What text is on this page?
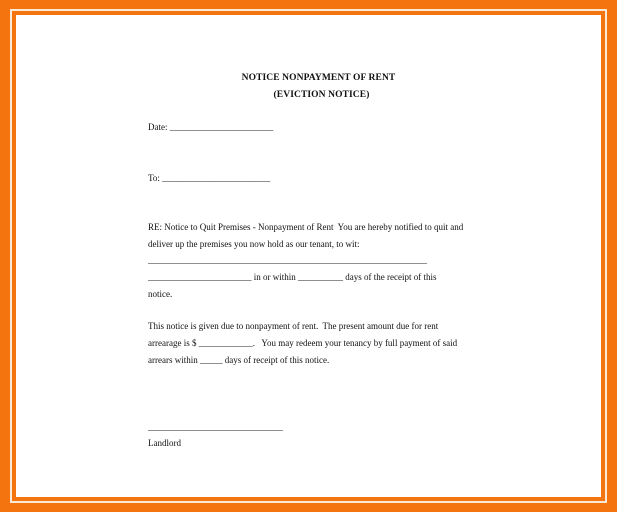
NOTICE NONPAYMENT OF RENT
(EVICTION NOTICE)
Date: _______________________
To: ________________________
RE: Notice to Quit Premises - Nonpayment of Rent  You are hereby notified to quit and
deliver up the premises you now hold as our tenant, to wit:
______________________________________________________________
_______________________ in or within __________ days of the receipt of this
notice.
This notice is given due to nonpayment of rent.  The present amount due for rent
arrearage is $ ____________.   You may redeem your tenancy by full payment of said
arrears within _____ days of receipt of this notice.
______________________________
Landlord
